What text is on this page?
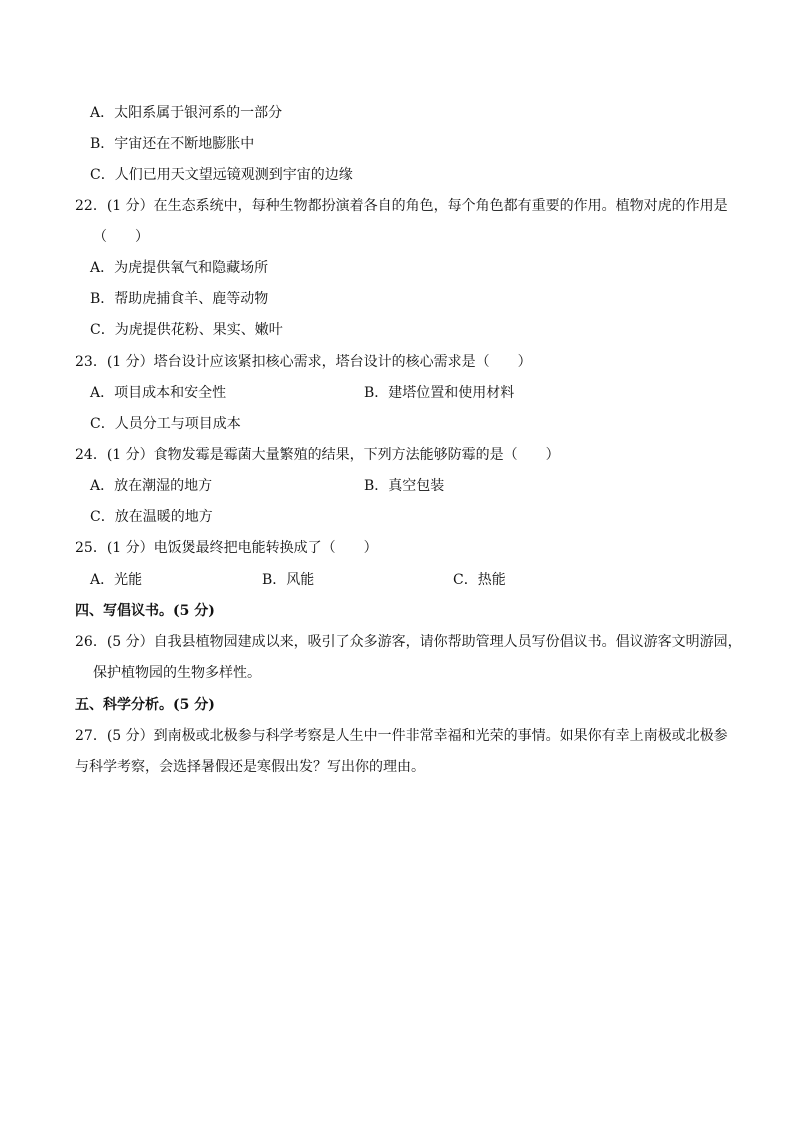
A．太阳系属于银河系的一部分
B．宇宙还在不断地膨胀中
C．人们已用天文望远镜观测到宇宙的边缘
22．(1 分）在生态系统中，每种生物都扮演着各自的角色，每个角色都有重要的作用。植物对虎的作用是
（　　）
A．为虎提供氧气和隐藏场所
B．帮助虎捕食羊、鹿等动物
C．为虎提供花粉、果实、嫩叶
23．(1 分）塔台设计应该紧扣核心需求，塔台设计的核心需求是（　　）
A．项目成本和安全性	B．建塔位置和使用材料
C．人员分工与项目成本
24．(1 分）食物发霉是霉菌大量繁殖的结果，下列方法能够防霉的是（　　）
A．放在潮湿的地方	B．真空包装
C．放在温暖的地方
25．(1 分）电饭煲最终把电能转换成了（　　）
A．光能	B．风能	C．热能
四、写倡议书。(5 分)
26．(5 分）自我县植物园建成以来，吸引了众多游客，请你帮助管理人员写份倡议书。倡议游客文明游园，
保护植物园的生物多样性。
五、科学分析。(5 分)
27．(5 分）到南极或北极参与科学考察是人生中一件非常幸福和光荣的事情。如果你有幸上南极或北极参
与科学考察，会选择暑假还是寒假出发？写出你的理由。
